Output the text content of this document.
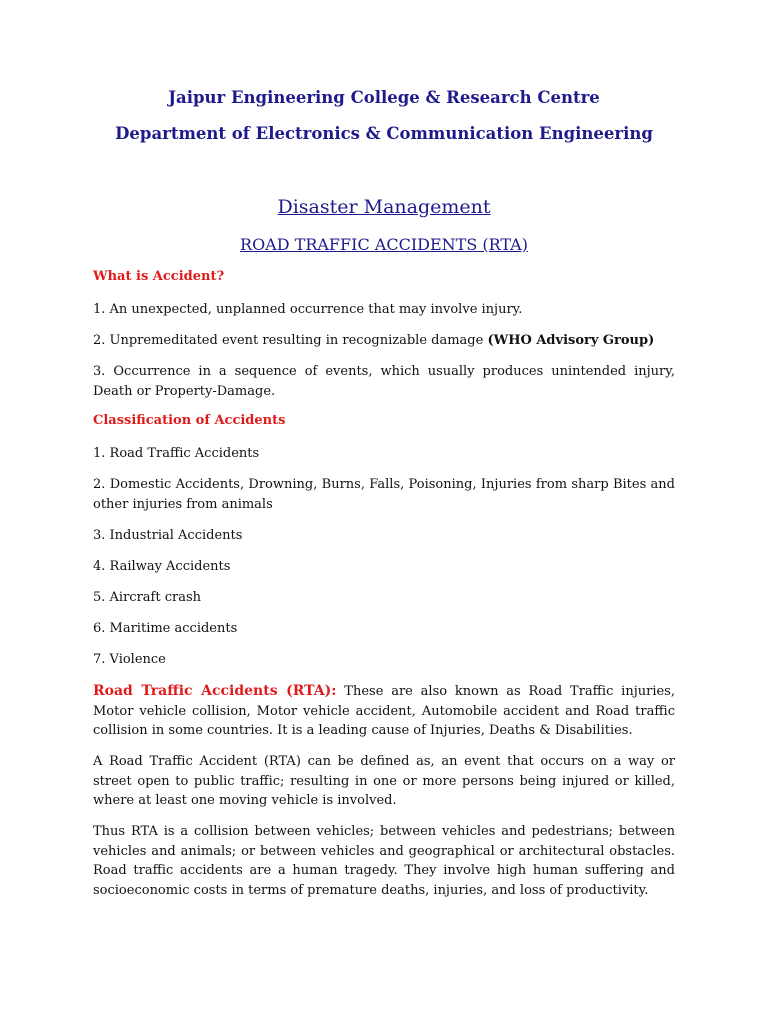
Jaipur Engineering College & Research Centre

Department of Electronics & Communication Engineering

Disaster Management

ROAD TRAFFIC ACCIDENTS (RTA)

What is Accident?

1. An unexpected, unplanned occurrence that may involve injury.

2. Unpremeditated event resulting in recognizable damage (WHO Advisory Group)

3. Occurrence in a sequence of events, which usually produces unintended injury, Death or Property-Damage.

Classification of Accidents

1. Road Traffic Accidents

2. Domestic Accidents, Drowning, Burns, Falls, Poisoning, Injuries from sharp Bites and other injuries from animals

3. Industrial Accidents

4. Railway Accidents

5. Aircraft crash

6. Maritime accidents

7. Violence

Road Traffic Accidents (RTA): These are also known as Road Traffic injuries, Motor vehicle collision, Motor vehicle accident, Automobile accident and Road traffic collision in some countries. It is a leading cause of Injuries, Deaths & Disabilities.

A Road Traffic Accident (RTA) can be defined as, an event that occurs on a way or street open to public traffic; resulting in one or more persons being injured or killed, where at least one moving vehicle is involved.

Thus RTA is a collision between vehicles; between vehicles and pedestrians; between vehicles and animals; or between vehicles and geographical or architectural obstacles. Road traffic accidents are a human tragedy. They involve high human suffering and socioeconomic costs in terms of premature deaths, injuries, and loss of productivity.
